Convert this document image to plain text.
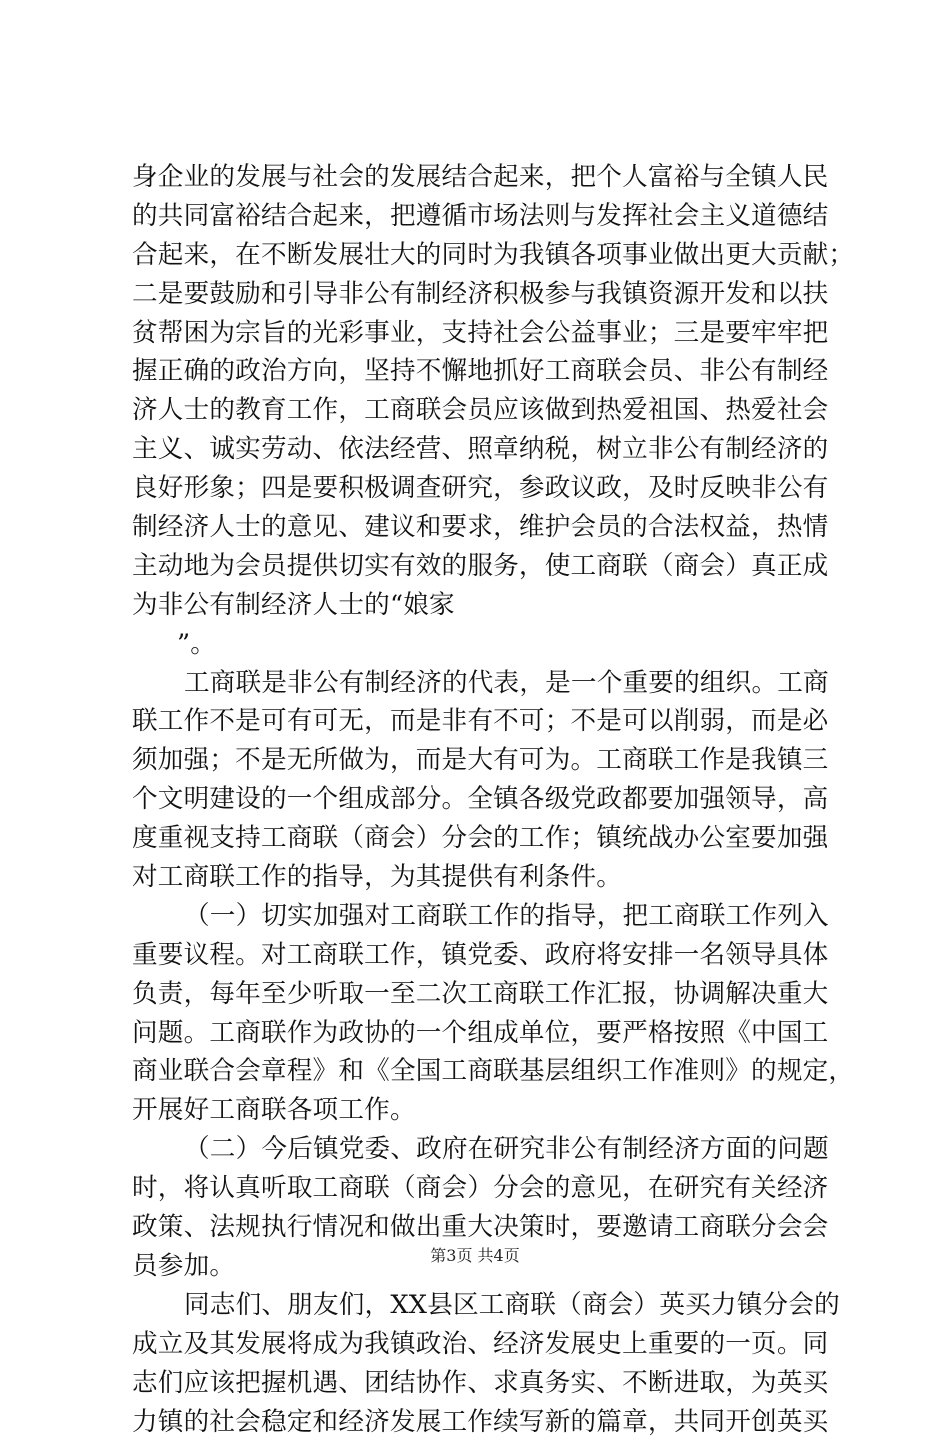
身企业的发展与社会的发展结合起来，把个人富裕与全镇人民
的共同富裕结合起来，把遵循市场法则与发挥社会主义道德结
合起来，在不断发展壮大的同时为我镇各项事业做出更大贡献；
二是要鼓励和引导非公有制经济积极参与我镇资源开发和以扶
贫帮困为宗旨的光彩事业，支持社会公益事业；三是要牢牢把
握正确的政治方向，坚持不懈地抓好工商联会员、非公有制经
济人士的教育工作，工商联会员应该做到热爱祖国、热爱社会
主义、诚实劳动、依法经营、照章纳税，树立非公有制经济的
良好形象；四是要积极调查研究，参政议政，及时反映非公有
制经济人士的意见、建议和要求，维护会员的合法权益，热情
主动地为会员提供切实有效的服务，使工商联（商会）真正成
为非公有制经济人士的“娘家
”。
工商联是非公有制经济的代表，是一个重要的组织。工商
联工作不是可有可无，而是非有不可；不是可以削弱，而是必
须加强；不是无所做为，而是大有可为。工商联工作是我镇三
个文明建设的一个组成部分。全镇各级党政都要加强领导，高
度重视支持工商联（商会）分会的工作；镇统战办公室要加强
对工商联工作的指导，为其提供有利条件。
（一）切实加强对工商联工作的指导，把工商联工作列入
重要议程。对工商联工作，镇党委、政府将安排一名领导具体
负责，每年至少听取一至二次工商联工作汇报，协调解决重大
问题。工商联作为政协的一个组成单位，要严格按照《中国工
商业联合会章程》和《全国工商联基层组织工作准则》的规定，
开展好工商联各项工作。
（二）今后镇党委、政府在研究非公有制经济方面的问题
时，将认真听取工商联（商会）分会的意见，在研究有关经济
政策、法规执行情况和做出重大决策时，要邀请工商联分会会
员参加。
同志们、朋友们，XX县区工商联（商会）英买力镇分会的
成立及其发展将成为我镇政治、经济发展史上重要的一页。同
志们应该把握机遇、团结协作、求真务实、不断进取，为英买
力镇的社会稳定和经济发展工作续写新的篇章，共同开创英买
第3页 共4页
